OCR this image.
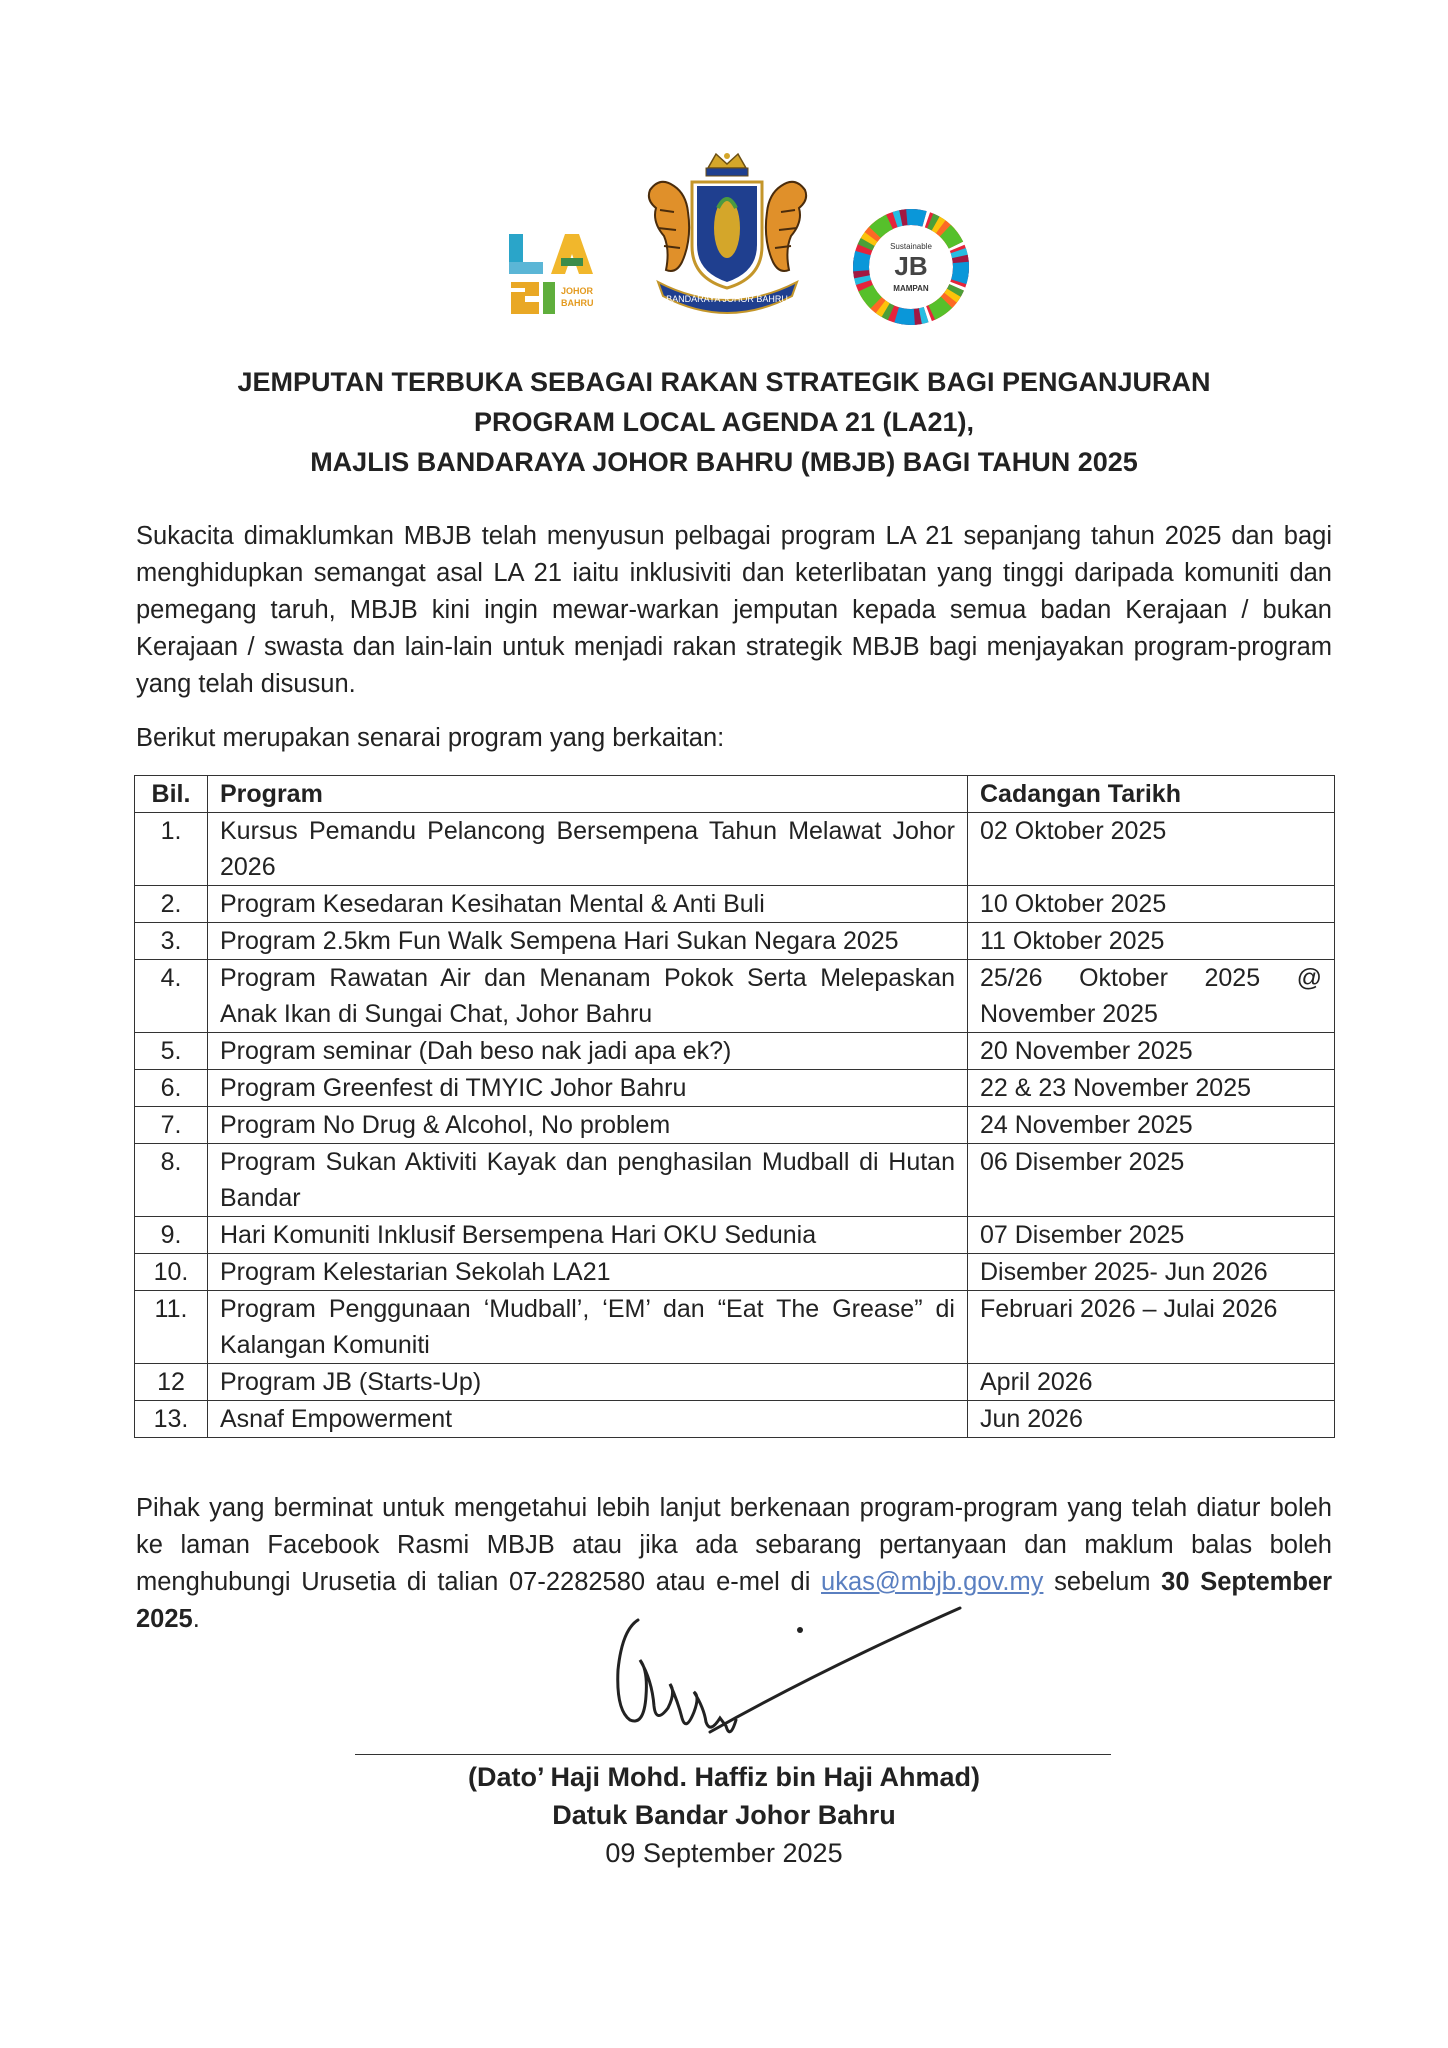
JOHOR
BAHRU	BANDARAYA JOHOR BAHRU
Sustainable
JB
MAMPAN
JEMPUTAN TERBUKA SEBAGAI RAKAN STRATEGIK BAGI PENGANJURAN
PROGRAM LOCAL AGENDA 21 (LA21),
MAJLIS BANDARAYA JOHOR BAHRU (MBJB) BAGI TAHUN 2025
Sukacita dimaklumkan MBJB telah menyusun pelbagai program LA 21 sepanjang tahun 2025 dan bagi menghidupkan semangat asal LA 21 iaitu inklusiviti dan keterlibatan yang tinggi daripada komuniti dan pemegang taruh, MBJB kini ingin mewar-warkan jemputan kepada semua badan Kerajaan / bukan Kerajaan / swasta dan lain-lain untuk menjadi rakan strategik MBJB bagi menjayakan program-program yang telah disusun.
Berikut merupakan senarai program yang berkaitan:
Bil.	Program	Cadangan Tarikh
1.	Kursus Pemandu Pelancong Bersempena Tahun Melawat Johor 2026	02 Oktober 2025
2.	Program Kesedaran Kesihatan Mental & Anti Buli	10 Oktober 2025
3.	Program 2.5km Fun Walk Sempena Hari Sukan Negara 2025	11 Oktober 2025
4.	Program Rawatan Air dan Menanam Pokok Serta Melepaskan Anak Ikan di Sungai Chat, Johor Bahru	25/26 Oktober 2025 @ November 2025
5.	Program seminar (Dah beso nak jadi apa ek?)	20 November 2025
6.	Program Greenfest di TMYIC Johor Bahru	22 & 23 November 2025
7.	Program No Drug & Alcohol, No problem	24 November 2025
8.	Program Sukan Aktiviti Kayak dan penghasilan Mudball di Hutan Bandar	06 Disember 2025
9.	Hari Komuniti Inklusif Bersempena Hari OKU Sedunia	07 Disember 2025
10.	Program Kelestarian Sekolah LA21	Disember 2025- Jun 2026
11.	Program Penggunaan ‘Mudball’, ‘EM’ dan “Eat The Grease” di Kalangan Komuniti	Februari 2026 – Julai 2026
12	Program JB (Starts-Up)	April 2026
13.	Asnaf Empowerment	Jun 2026
Pihak yang berminat untuk mengetahui lebih lanjut berkenaan program-program yang telah diatur boleh ke laman Facebook Rasmi MBJB atau jika ada sebarang pertanyaan dan maklum balas boleh menghubungi Urusetia di talian 07-2282580 atau e-mel di ukas@mbjb.gov.my sebelum 30 September 2025.
(Dato’ Haji Mohd. Haffiz bin Haji Ahmad)
Datuk Bandar Johor Bahru
09 September 2025
